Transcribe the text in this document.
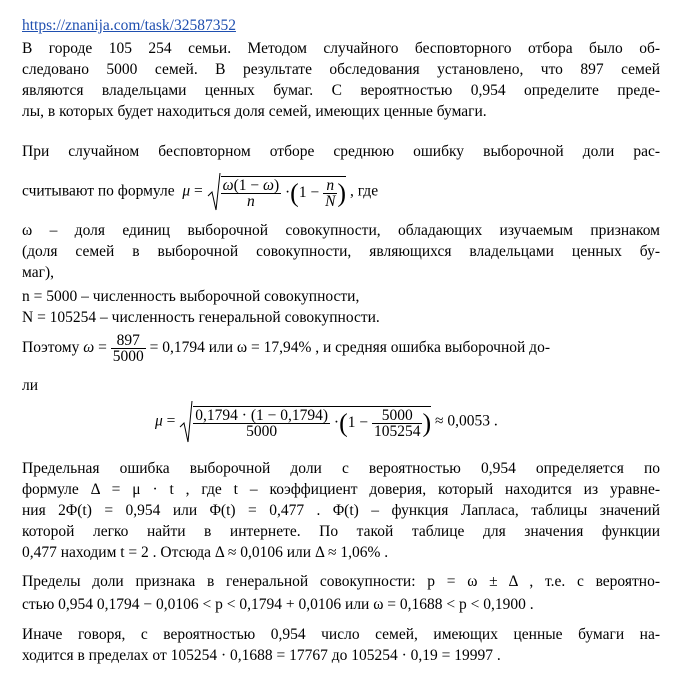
https://znanija.com/task/32587352
В городе 105 254 семьи. Методом случайного бесповторного отбора было об-
следовано 5000 семей. В результате обследования установлено, что 897 семей
являются владельцами ценных бумаг. С вероятностью 0,954 определите преде-
лы, в которых будет находиться доля семей, имеющих ценные бумаги.
При случайном бесповторном отборе среднюю ошибку выборочной доли рас-
считывают по формуле $\mu = \frac{\omega(1 - \omega)}{n} \cdot(1 - \frac{n}{N}$ ) , где
ω – доля единиц выборочной совокупности, обладающих изучаемым признаком
(доля семей в выборочной совокупности, являющихся владельцами ценных бу-
маг),
n = 5000 – численность выборочной совокупности,
N = 105254 – численность генеральной совокупности.
Поэтому $\omega = \frac{897}{5000} = 0,1794$ или ω = 17,94% , и средняя ошибка выборочной до-
ли
$\mu = \frac{0,1794 \cdot (1 - 0,1794)}{5000} \cdot(1 - \frac{5000}{105254}$ ) ≈ 0,0053 .
Предельная ошибка выборочной доли с вероятностью 0,954 определяется по
формуле Δ = μ · t , где t – коэффициент доверия, который находится из уравне-
ния 2Φ(t) = 0,954 или Φ(t) = 0,477 . Φ(t) – функция Лапласа, таблицы значений
которой легко найти в интернете. По такой таблице для значения функции
0,477 находим t = 2 . Отсюда Δ ≈ 0,0106 или Δ ≈ 1,06% .
Пределы доли признака в генеральной совокупности: p = ω ± Δ , т.е. с вероятно-
стью 0,954 0,1794 − 0,0106 < p < 0,1794 + 0,0106 или ω = 0,1688 < p < 0,1900 .
Иначе говоря, с вероятностью 0,954 число семей, имеющих ценные бумаги на-
ходится в пределах от 105254 · 0,1688 = 17767 до 105254 · 0,19 = 19997 .
